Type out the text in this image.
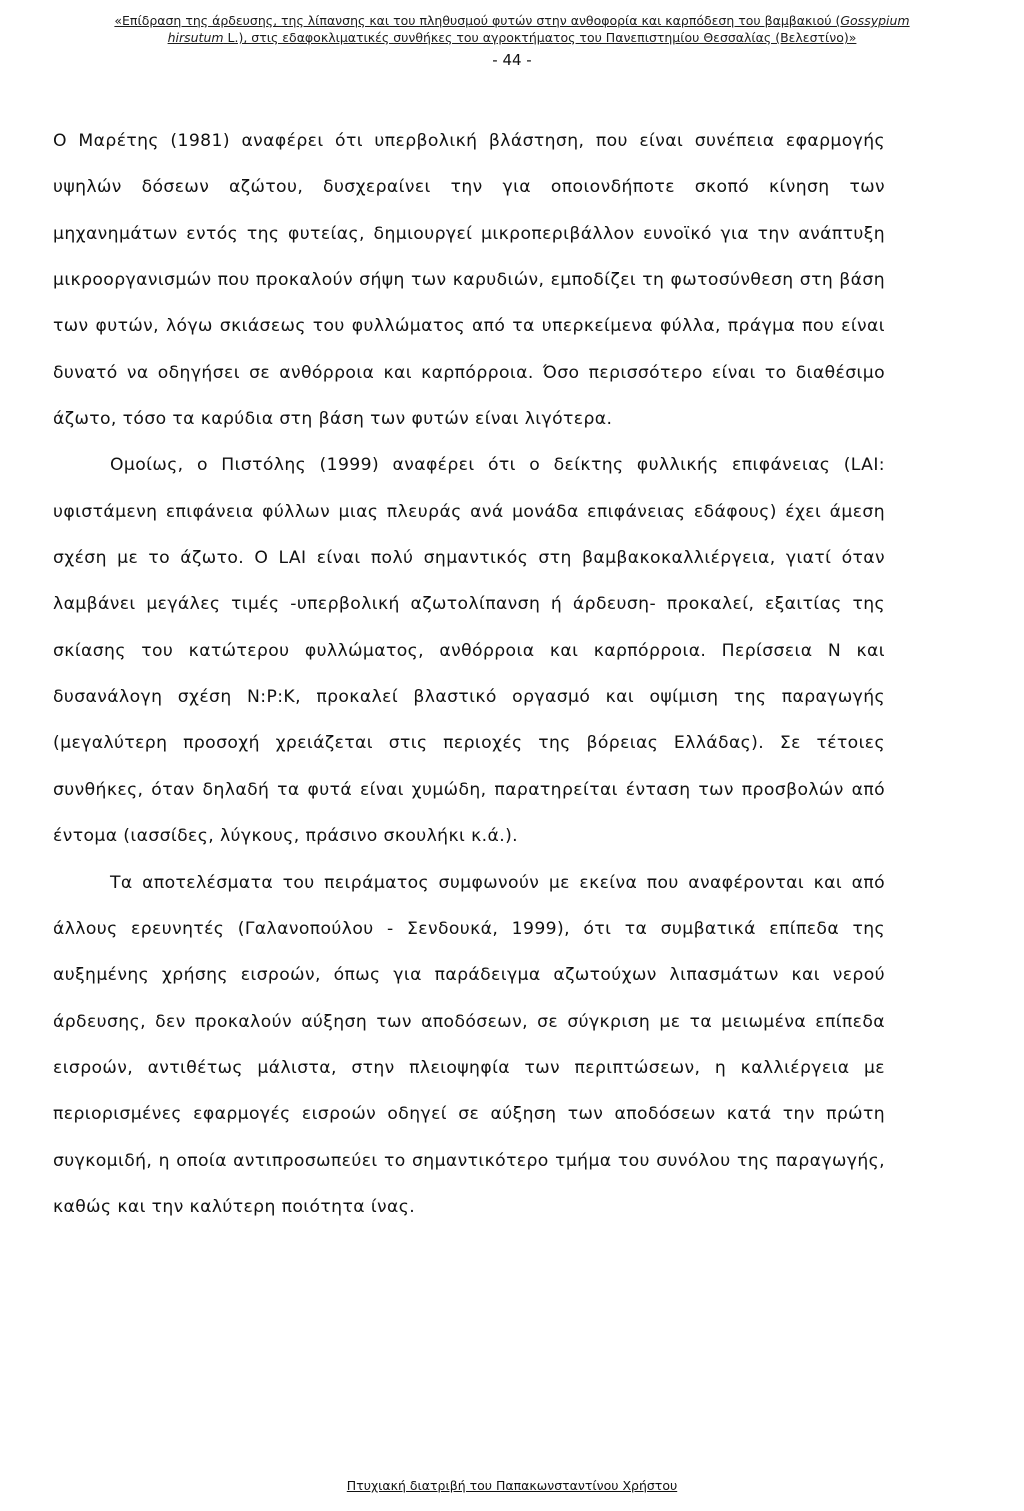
«Επίδραση της άρδευσης, της λίπανσης και του πληθυσμού φυτών στην ανθοφορία και καρπόδεση του βαμβακιού (Gossypium
hirsutum L.), στις εδαφοκλιματικές συνθήκες του αγροκτήματος του Πανεπιστημίου Θεσσαλίας (Βελεστίνο)»
- 44 -

Ο Μαρέτης (1981) αναφέρει ότι υπερβολική βλάστηση, που είναι συνέπεια εφαρμογής υψηλών δόσεων αζώτου, δυσχεραίνει την για οποιονδήποτε σκοπό κίνηση των μηχανημάτων εντός της φυτείας, δημιουργεί μικροπεριβάλλον ευνοϊκό για την ανάπτυξη μικροοργανισμών που προκαλούν σήψη των καρυδιών, εμποδίζει τη φωτοσύνθεση στη βάση των φυτών, λόγω σκιάσεως του φυλλώματος από τα υπερκείμενα φύλλα, πράγμα που είναι δυνατό να οδηγήσει σε ανθόρροια και καρπόρροια. Όσο περισσότερο είναι το διαθέσιμο άζωτο, τόσο τα καρύδια στη βάση των φυτών είναι λιγότερα.

Ομοίως, ο Πιστόλης (1999) αναφέρει ότι ο δείκτης φυλλικής επιφάνειας (LAI: υφιστάμενη επιφάνεια φύλλων μιας πλευράς ανά μονάδα επιφάνειας εδάφους) έχει άμεση σχέση με το άζωτο. Ο LAI είναι πολύ σημαντικός στη βαμβακοκαλλιέργεια, γιατί όταν λαμβάνει μεγάλες τιμές -υπερβολική αζωτολίπανση ή άρδευση- προκαλεί, εξαιτίας της σκίασης του κατώτερου φυλλώματος, ανθόρροια και καρπόρροια. Περίσσεια Ν και δυσανάλογη σχέση N:P:K, προκαλεί βλαστικό οργασμό και οψίμιση της παραγωγής (μεγαλύτερη προσοχή χρειάζεται στις περιοχές της βόρειας Ελλάδας). Σε τέτοιες συνθήκες, όταν δηλαδή τα φυτά είναι χυμώδη, παρατηρείται ένταση των προσβολών από έντομα (ιασσίδες, λύγκους, πράσινο σκουλήκι κ.ά.).

Τα αποτελέσματα του πειράματος συμφωνούν με εκείνα που αναφέρονται και από άλλους ερευνητές (Γαλανοπούλου - Σενδουκά, 1999), ότι τα συμβατικά επίπεδα της αυξημένης χρήσης εισροών, όπως για παράδειγμα αζωτούχων λιπασμάτων και νερού άρδευσης, δεν προκαλούν αύξηση των αποδόσεων, σε σύγκριση με τα μειωμένα επίπεδα εισροών, αντιθέτως μάλιστα, στην πλειοψηφία των περιπτώσεων, η καλλιέργεια με περιορισμένες εφαρμογές εισροών οδηγεί σε αύξηση των αποδόσεων κατά την πρώτη συγκομιδή, η οποία αντιπροσωπεύει το σημαντικότερο τμήμα του συνόλου της παραγωγής, καθώς και την καλύτερη ποιότητα ίνας.

Πτυχιακή διατριβή του Παπακωνσταντίνου Χρήστου
